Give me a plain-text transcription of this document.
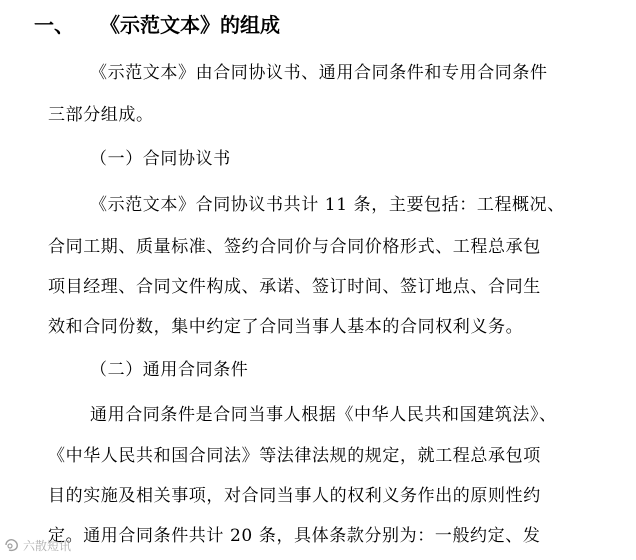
一、 《示范文本》的组成
《示范文本》由合同协议书、通用合同条件和专用合同条件
三部分组成。
（一）合同协议书
《示范文本》合同协议书共计 11 条，主要包括：工程概况、
合同工期、质量标准、签约合同价与合同价格形式、工程总承包
项目经理、合同文件构成、承诺、签订时间、签订地点、合同生
效和合同份数，集中约定了合同当事人基本的合同权利义务。
（二）通用合同条件
通用合同条件是合同当事人根据《中华人民共和国建筑法》、
《中华人民共和国合同法》等法律法规的规定，就工程总承包项
目的实施及相关事项，对合同当事人的权利义务作出的原则性约
定。通用合同条件共计 20 条，具体条款分别为：一般约定、发
六散短讯
